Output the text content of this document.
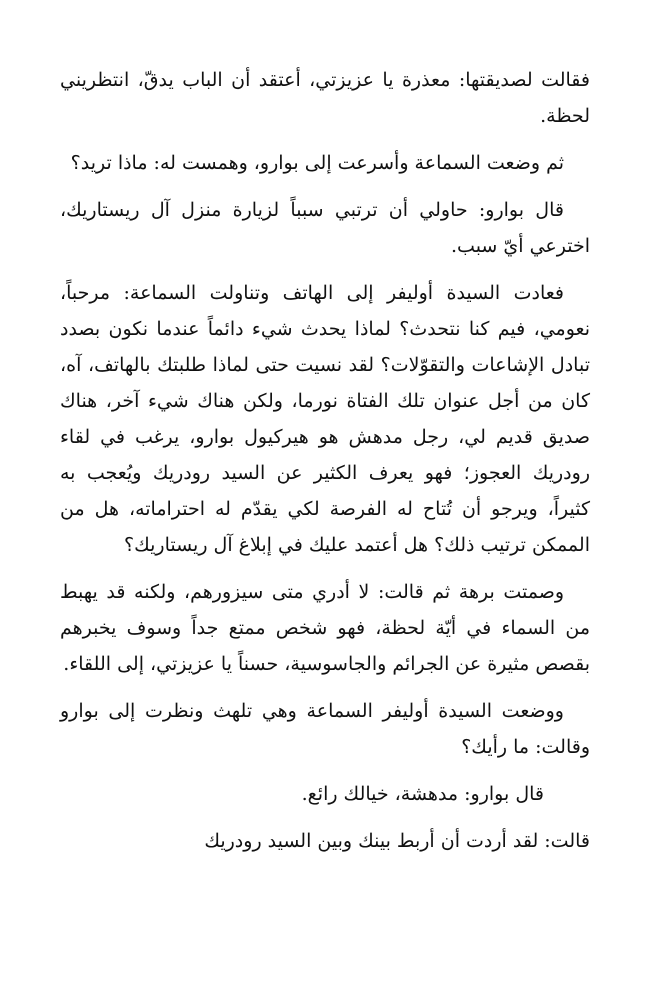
فقالت لصديقتها: معذرة يا عزيزتي، أعتقد أن الباب يدقّ، انتظريني لحظة.

ثم وضعت السماعة وأسرعت إلى بوارو، وهمست له: ماذا تريد؟

قال بوارو: حاولي أن ترتبي سبباً لزيارة منزل آل ريستاريك، اخترعي أيّ سبب.

فعادت السيدة أوليفر إلى الهاتف وتناولت السماعة: مرحباً، نعومي، فيم كنا نتحدث؟ لماذا يحدث شيء دائماً عندما نكون بصدد تبادل الإشاعات والتقوّلات؟ لقد نسيت حتى لماذا طلبتك بالهاتف، آه، كان من أجل عنوان تلك الفتاة نورما، ولكن هناك شيء آخر، هناك صديق قديم لي، رجل مدهش هو هيركيول بوارو، يرغب في لقاء رودريك العجوز؛ فهو يعرف الكثير عن السيد رودريك ويُعجب به كثيراً، ويرجو أن تُتاح له الفرصة لكي يقدّم له احتراماته، هل من الممكن ترتيب ذلك؟ هل أعتمد عليك في إبلاغ آل ريستاريك؟

وصمتت برهة ثم قالت: لا أدري متى سيزورهم، ولكنه قد يهبط من السماء في أيّة لحظة، فهو شخص ممتع جداً وسوف يخبرهم بقصص مثيرة عن الجرائم والجاسوسية، حسناً يا عزيزتي، إلى اللقاء.

ووضعت السيدة أوليفر السماعة وهي تلهث ونظرت إلى بوارو وقالت: ما رأيك؟

قال بوارو: مدهشة، خيالك رائع.

قالت: لقد أردت أن أربط بينك وبين السيد رودريك
